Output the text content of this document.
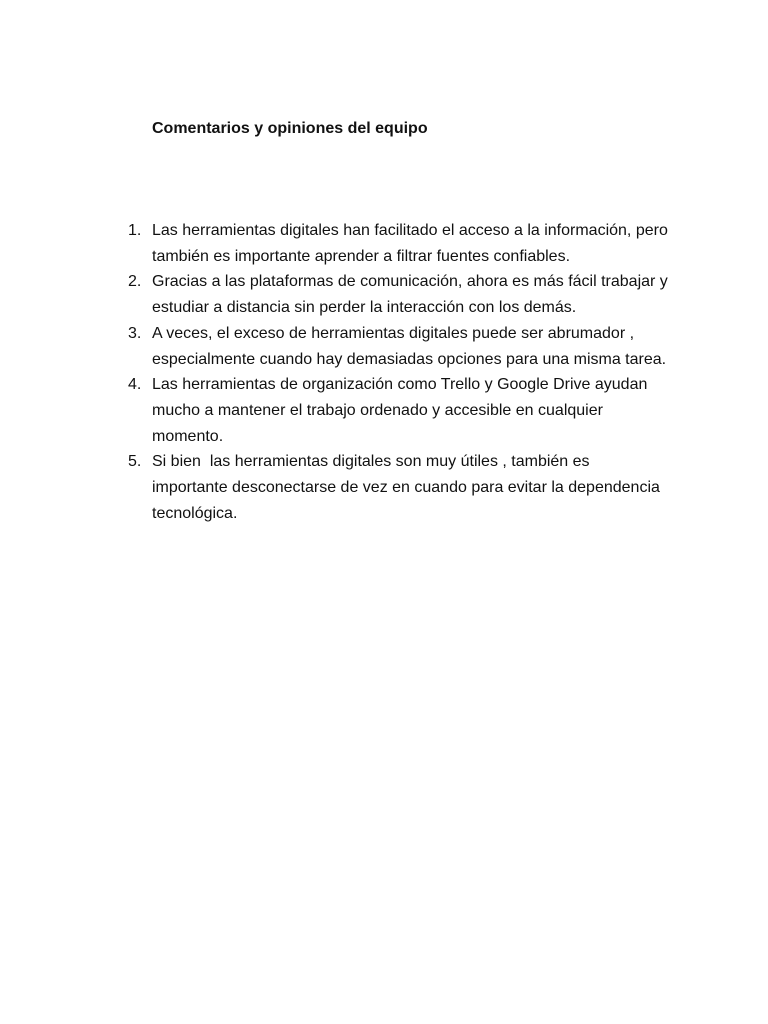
Comentarios y opiniones del equipo
1. Las herramientas digitales han facilitado el acceso a la información, pero también es importante aprender a filtrar fuentes confiables.
2. Gracias a las plataformas de comunicación, ahora es más fácil trabajar y estudiar a distancia sin perder la interacción con los demás.
3. A veces, el exceso de herramientas digitales puede ser abrumador , especialmente cuando hay demasiadas opciones para una misma tarea.
4. Las herramientas de organización como Trello y Google Drive ayudan mucho a mantener el trabajo ordenado y accesible en cualquier momento.
5. Si bien  las herramientas digitales son muy útiles , también es importante desconectarse de vez en cuando para evitar la dependencia tecnológica.
